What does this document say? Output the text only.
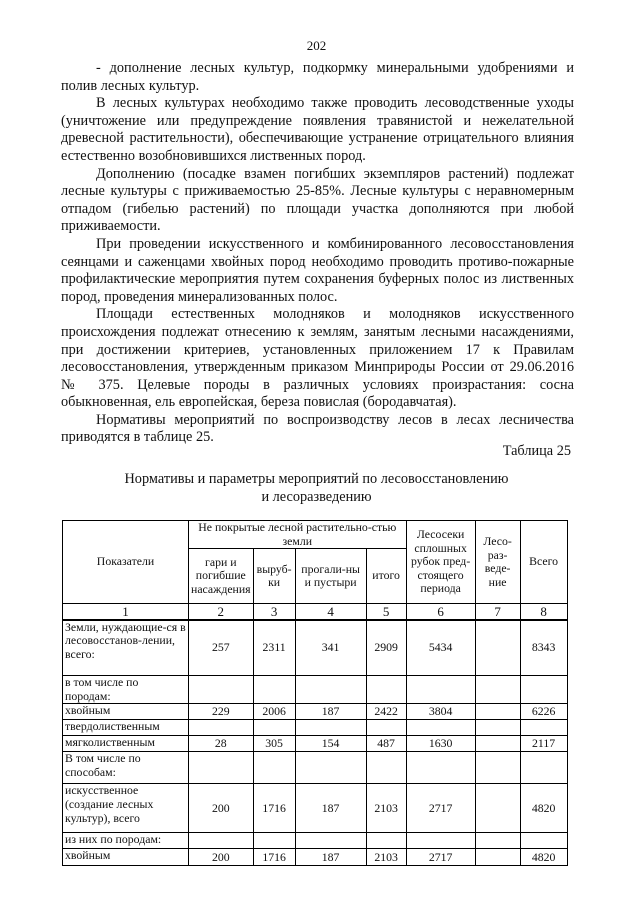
202

- дополнение лесных культур, подкормку минеральными удобрениями и полив лесных культур.

В лесных культурах необходимо также проводить лесоводственные уходы (уничтожение или предупреждение появления травянистой и нежелательной древесной растительности), обеспечивающие устранение отрицательного влияния естественно возобновившихся лиственных пород.

Дополнению (посадке взамен погибших экземпляров растений) подлежат лесные культуры с приживаемостью 25-85%. Лесные культуры с неравномерным отпадом (гибелью растений) по площади участка дополняются при любой приживаемости.

При проведении искусственного и комбинированного лесовосстановления сеянцами и саженцами хвойных пород необходимо проводить противо-пожарные профилактические мероприятия путем сохранения буферных полос из лиственных пород, проведения минерализованных полос.

Площади естественных молодняков и молодняков искусственного происхождения подлежат отнесению к землям, занятым лесными насаждениями, при достижении критериев, установленных приложением 17 к Правилам лесовосстановления, утвержденным приказом Минприроды России от 29.06.2016 № 375. Целевые породы в различных условиях произрастания: сосна обыкновенная, ель европейская, береза повислая (бородавчатая).

Нормативы мероприятий по воспроизводству лесов в лесах лесничества приводятся в таблице 25.

Таблица 25
Нормативы и параметры мероприятий по лесовосстановлению
и лесоразведению
Показатели	Не покрытые лесной растительно-стью земли				Лесосеки сплошных рубок пред-стоящего периода	Лесо-раз-веде-ние	Всего
	гари и погибшие насаждения	выруб-ки	прогали-ны и пустыри	итого			
1	2	3	4	5	6	7	8
Земли, нуждающие-ся в лесовосстанов-лении, всего:	257	2311	341	2909	5434		8343
в том числе по породам:							
хвойным	229	2006	187	2422	3804		6226
твердолиственным							
мягколиственным	28	305	154	487	1630		2117
В том числе по способам:							
искусственное (создание лесных культур), всего	200	1716	187	2103	2717		4820
из них по породам:							
хвойным	200	1716	187	2103	2717		4820
